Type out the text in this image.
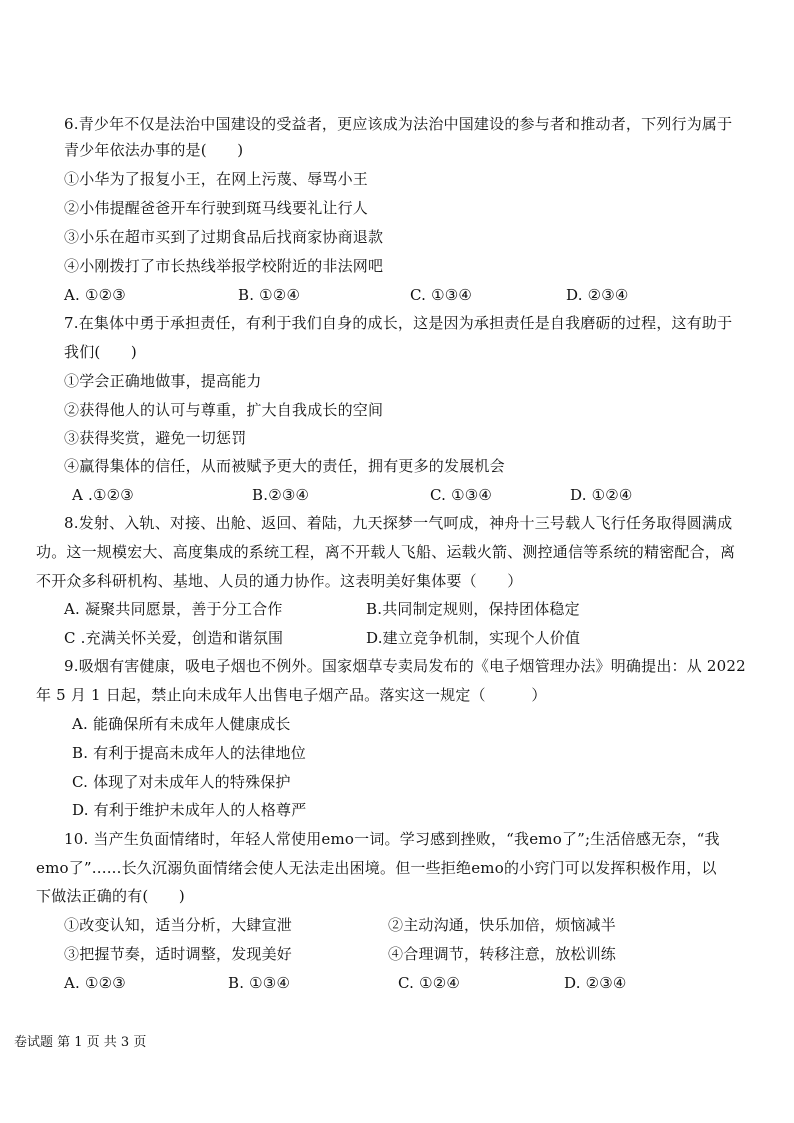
6.青少年不仅是法治中国建设的受益者，更应该成为法治中国建设的参与者和推动者，下列行为属于
青少年依法办事的是(　　)
①小华为了报复小王，在网上污蔑、辱骂小王
②小伟提醒爸爸开车行驶到斑马线要礼让行人
③小乐在超市买到了过期食品后找商家协商退款
④小刚拨打了市长热线举报学校附近的非法网吧
A. ①②③	B. ①②④	C. ①③④	D. ②③④
7.在集体中勇于承担责任，有利于我们自身的成长，这是因为承担责任是自我磨砺的过程，这有助于
我们(　　)
①学会正确地做事，提高能力
②获得他人的认可与尊重，扩大自我成长的空间
③获得奖赏，避免一切惩罚
④赢得集体的信任，从而被赋予更大的责任，拥有更多的发展机会
A .①②③	B.②③④	C. ①③④	D. ①②④
8.发射、入轨、对接、出舱、返回、着陆，九天探梦一气呵成，神舟十三号载人飞行任务取得圆满成
功。这一规模宏大、高度集成的系统工程，离不开载人飞船、运载火箭、测控通信等系统的精密配合，离
不开众多科研机构、基地、人员的通力协作。这表明美好集体要（　　）
A. 凝聚共同愿景，善于分工合作	B.共同制定规则，保持团体稳定
C .充满关怀关爱，创造和谐氛围	D.建立竞争机制，实现个人价值
9.吸烟有害健康，吸电子烟也不例外。国家烟草专卖局发布的《电子烟管理办法》明确提出：从 2022
年 5 月 1 日起，禁止向未成年人出售电子烟产品。落实这一规定（　　　）
A. 能确保所有未成年人健康成长
B. 有利于提高未成年人的法律地位
C. 体现了对未成年人的特殊保护
D. 有利于维护未成年人的人格尊严
10. 当产生负面情绪时，年轻人常使用emo一词。学习感到挫败，“我emo了”;生活倍感无奈，“我
emo了”......长久沉溺负面情绪会使人无法走出困境。但一些拒绝emo的小窍门可以发挥积极作用，以
下做法正确的有(　　)
①改变认知，适当分析，大肆宣泄	②主动沟通，快乐加倍，烦恼减半
③把握节奏，适时调整，发现美好	④合理调节，转移注意，放松训练
A. ①②③	B. ①③④	C. ①②④	D. ②③④
卷试题 第 1 页 共 3 页
